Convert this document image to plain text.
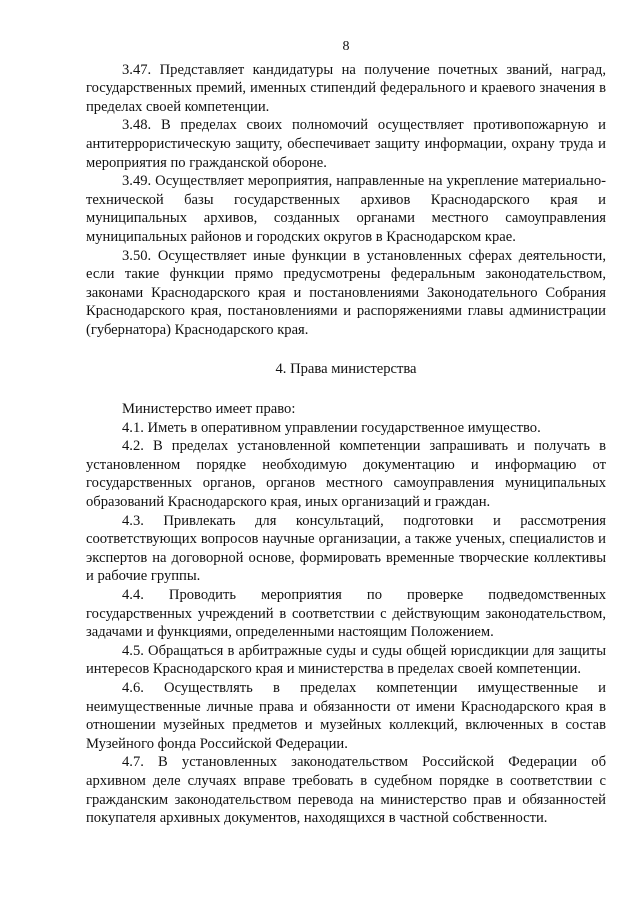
8

3.47. Представляет кандидатуры на получение почетных званий, наград, государственных премий, именных стипендий федерального и краевого значения в пределах своей компетенции.

3.48. В пределах своих полномочий осуществляет противопожарную и антитеррористическую защиту, обеспечивает защиту информации, охрану труда и мероприятия по гражданской обороне.

3.49. Осуществляет мероприятия, направленные на укрепление материально-технической базы государственных архивов Краснодарского края и муниципальных архивов, созданных органами местного самоуправления муниципальных районов и городских округов в Краснодарском крае.

3.50. Осуществляет иные функции в установленных сферах деятельности, если такие функции прямо предусмотрены федеральным законодательством, законами Краснодарского края и постановлениями Законодательного Собрания Краснодарского края, постановлениями и распоряжениями главы администрации (губернатора) Краснодарского края.

4. Права министерства

Министерство имеет право:

4.1. Иметь в оперативном управлении государственное имущество.

4.2. В пределах установленной компетенции запрашивать и получать в установленном порядке необходимую документацию и информацию от государственных органов, органов местного самоуправления муниципальных образований Краснодарского края, иных организаций и граждан.

4.3. Привлекать для консультаций, подготовки и рассмотрения соответствующих вопросов научные организации, а также ученых, специалистов и экспертов на договорной основе, формировать временные творческие коллективы и рабочие группы.

4.4. Проводить мероприятия по проверке подведомственных государственных учреждений в соответствии с действующим законодательством, задачами и функциями, определенными настоящим Положением.

4.5. Обращаться в арбитражные суды и суды общей юрисдикции для защиты интересов Краснодарского края и министерства в пределах своей компетенции.

4.6. Осуществлять в пределах компетенции имущественные и неимущественные личные права и обязанности от имени Краснодарского края в отношении музейных предметов и музейных коллекций, включенных в состав Музейного фонда Российской Федерации.

4.7. В установленных законодательством Российской Федерации об архивном деле случаях вправе требовать в судебном порядке в соответствии с гражданским законодательством перевода на министерство прав и обязанностей покупателя архивных документов, находящихся в частной собственности.
